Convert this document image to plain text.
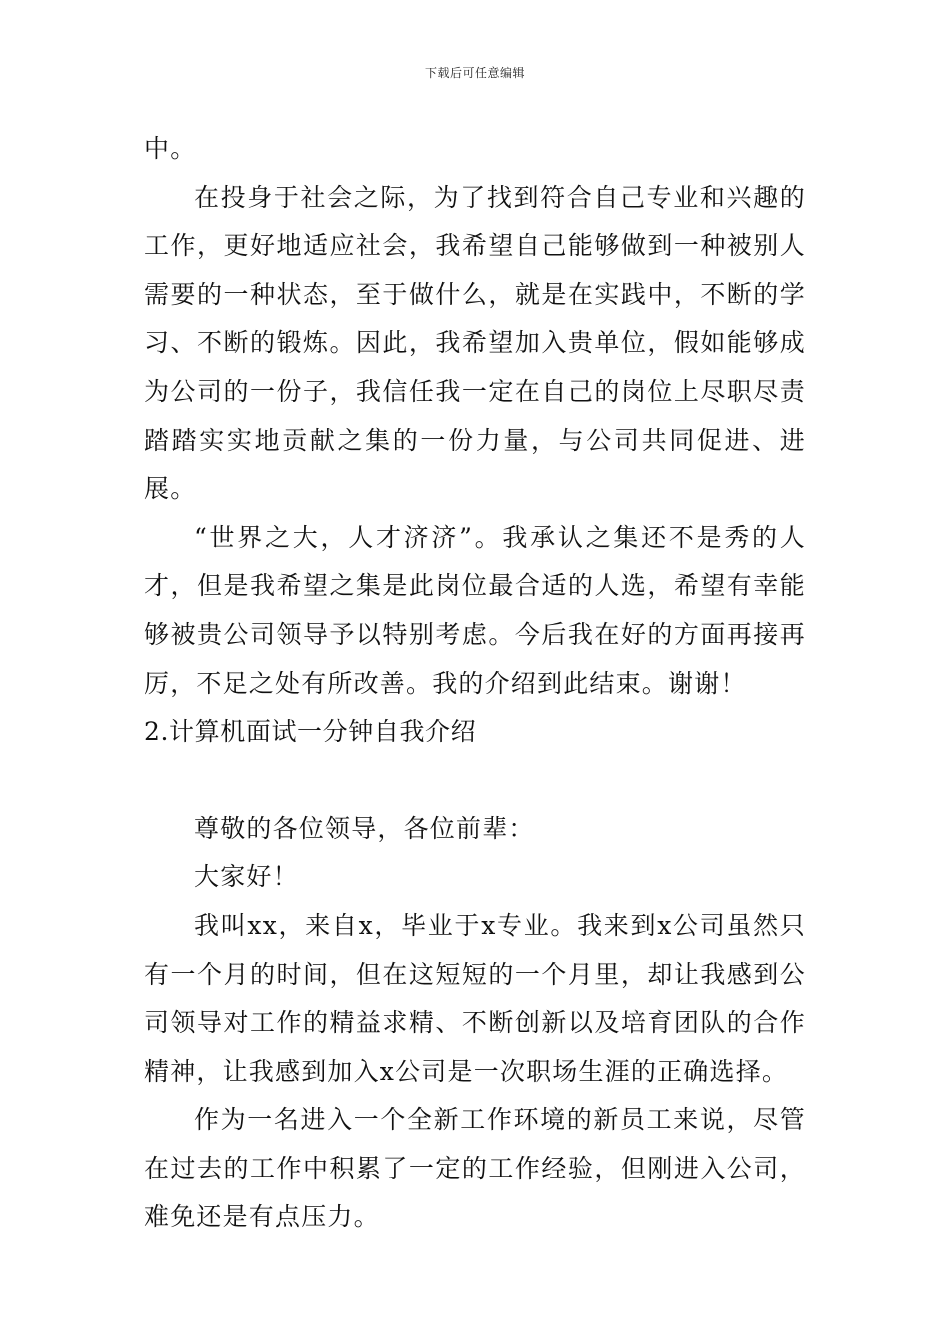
下载后可任意编辑

中。

在投身于社会之际，为了找到符合自己专业和兴趣的工作，更好地适应社会，我希望自己能够做到一种被别人需要的一种状态，至于做什么，就是在实践中，不断的学习、不断的锻炼。因此，我希望加入贵单位，假如能够成为公司的一份子，我信任我一定在自己的岗位上尽职尽责踏踏实实地贡献之集的一份力量，与公司共同促进、进展。

“世界之大，人才济济”。我承认之集还不是秀的人才，但是我希望之集是此岗位最合适的人选，希望有幸能够被贵公司领导予以特别考虑。今后我在好的方面再接再厉，不足之处有所改善。我的介绍到此结束。谢谢！

2.计算机面试一分钟自我介绍

尊敬的各位领导，各位前辈：

大家好！

我叫xx，来自x，毕业于x专业。我来到x公司虽然只有一个月的时间，但在这短短的一个月里，却让我感到公司领导对工作的精益求精、不断创新以及培育团队的合作精神，让我感到加入x公司是一次职场生涯的正确选择。

作为一名进入一个全新工作环境的新员工来说，尽管在过去的工作中积累了一定的工作经验，但刚进入公司，难免还是有点压力。
